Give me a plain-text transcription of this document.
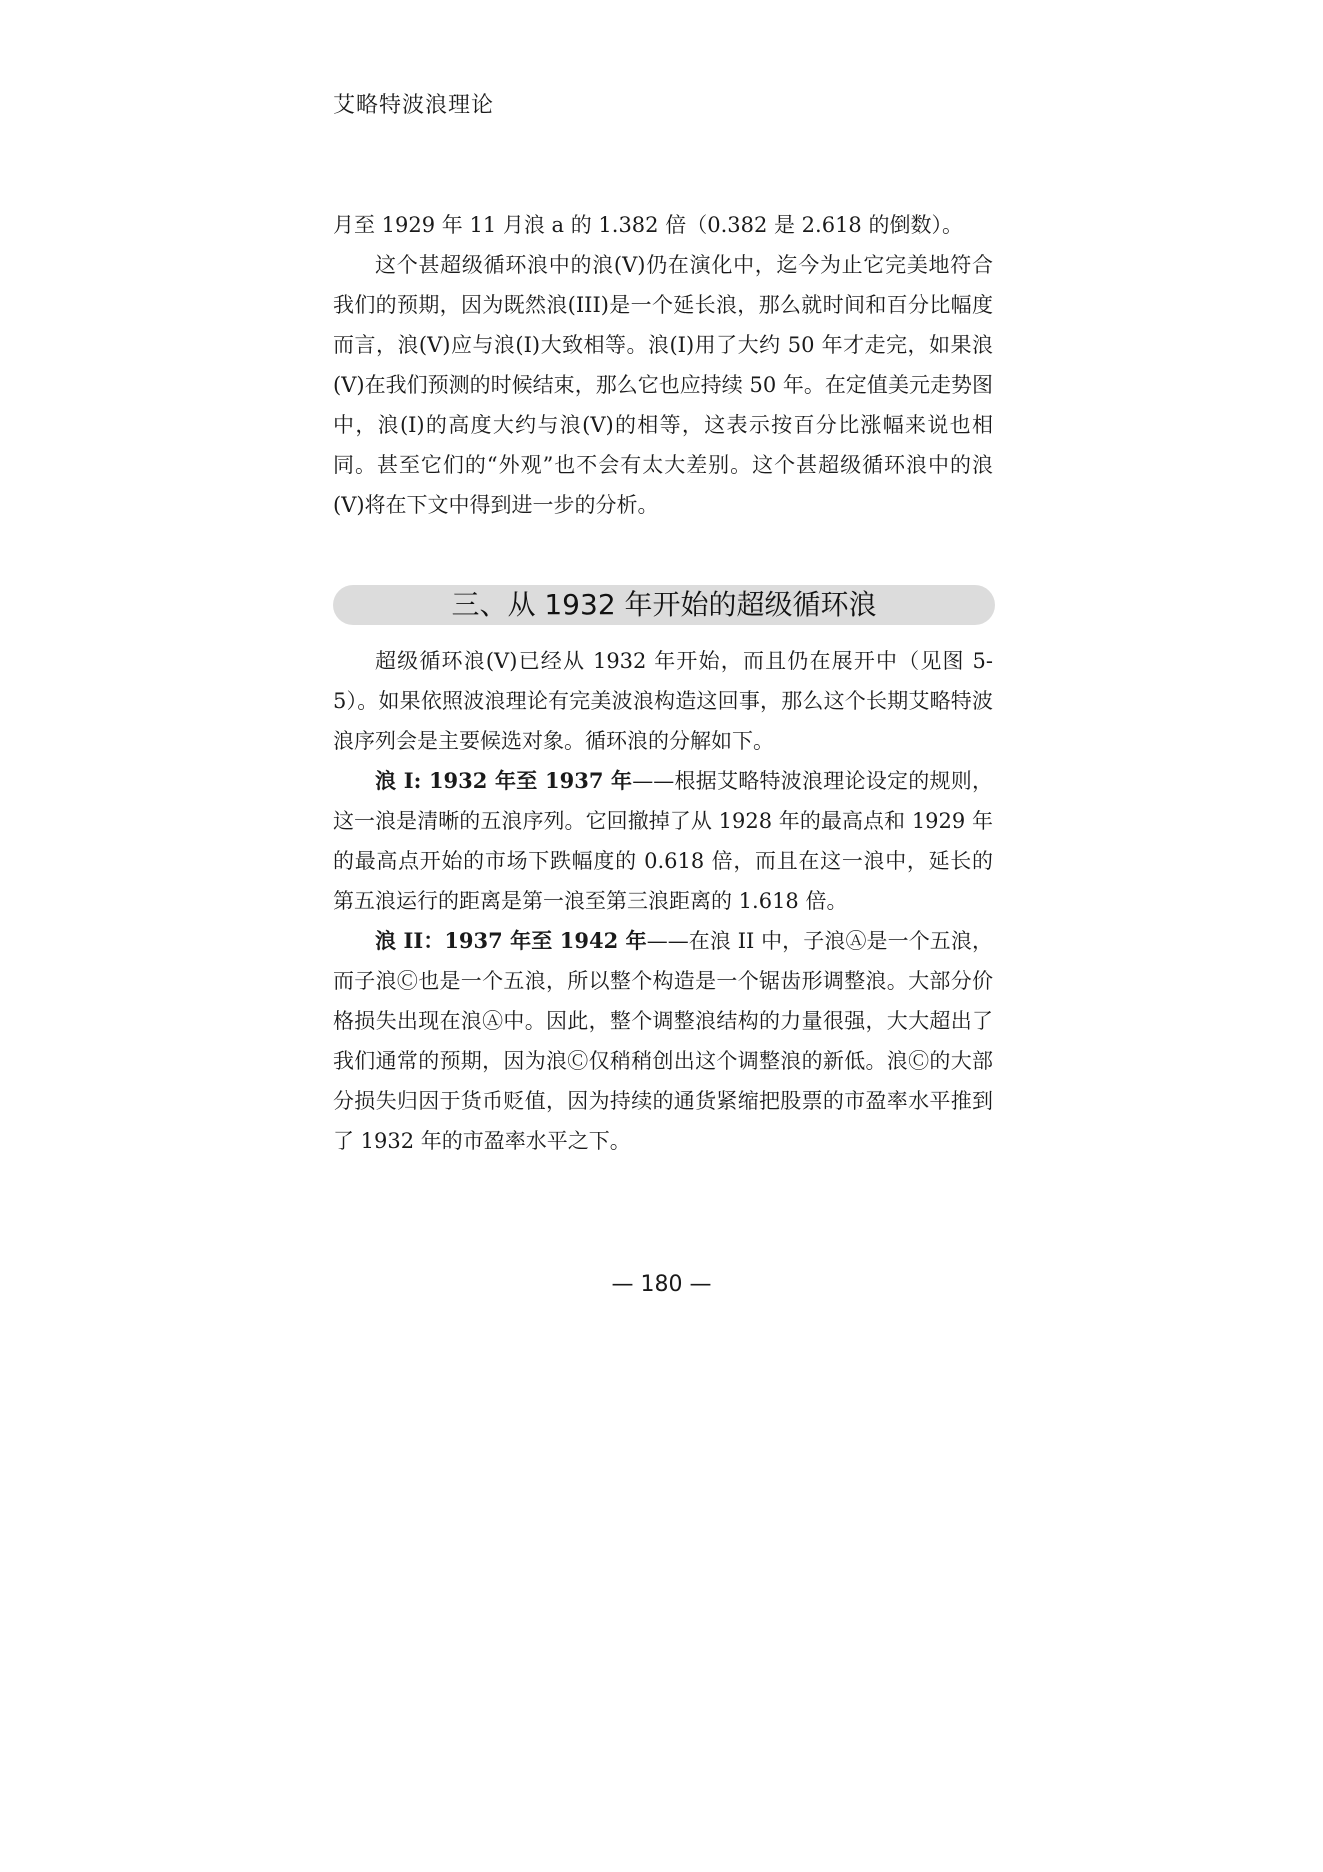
艾略特波浪理论

月至 1929 年 11 月浪 a 的 1.382 倍（0.382 是 2.618 的倒数）。

这个甚超级循环浪中的浪(V)仍在演化中，迄今为止它完美地符合我们的预期，因为既然浪(III)是一个延长浪，那么就时间和百分比幅度而言，浪(V)应与浪(I)大致相等。浪(I)用了大约 50 年才走完，如果浪(V)在我们预测的时候结束，那么它也应持续 50 年。在定值美元走势图中，浪(I)的高度大约与浪(V)的相等，这表示按百分比涨幅来说也相同。甚至它们的“外观”也不会有太大差别。这个甚超级循环浪中的浪(V)将在下文中得到进一步的分析。

三、从 1932 年开始的超级循环浪

超级循环浪(V)已经从 1932 年开始，而且仍在展开中（见图 5-5）。如果依照波浪理论有完美波浪构造这回事，那么这个长期艾略特波浪序列会是主要候选对象。循环浪的分解如下。

浪 I: 1932 年至 1937 年——根据艾略特波浪理论设定的规则，这一浪是清晰的五浪序列。它回撤掉了从 1928 年的最高点和 1929 年的最高点开始的市场下跌幅度的 0.618 倍，而且在这一浪中，延长的第五浪运行的距离是第一浪至第三浪距离的 1.618 倍。

浪 II：1937 年至 1942 年——在浪 II 中，子浪Ⓐ是一个五浪，而子浪Ⓒ也是一个五浪，所以整个构造是一个锯齿形调整浪。大部分价格损失出现在浪Ⓐ中。因此，整个调整浪结构的力量很强，大大超出了我们通常的预期，因为浪Ⓒ仅稍稍创出这个调整浪的新低。浪Ⓒ的大部分损失归因于货币贬值，因为持续的通货紧缩把股票的市盈率水平推到了 1932 年的市盈率水平之下。

— 180 —
